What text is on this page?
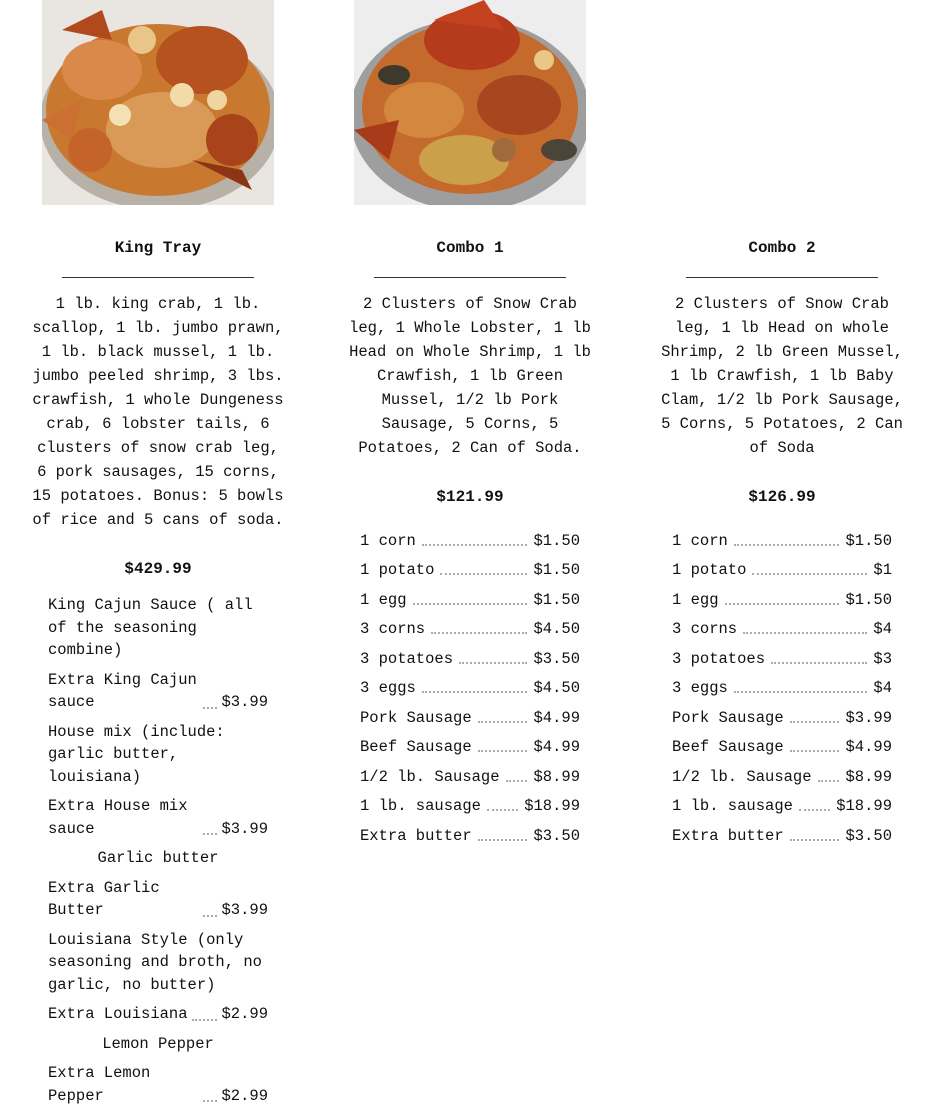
King Tray
1 lb. king crab, 1 lb. scallop, 1 lb. jumbo prawn, 1 lb. black mussel, 1 lb. jumbo peeled shrimp, 3 lbs. crawfish, 1 whole Dungeness crab, 6 lobster tails, 6 clusters of snow crab leg, 6 pork sausages, 15 corns, 15 potatoes. Bonus: 5 bowls of rice and 5 cans of soda.
$429.99
King Cajun Sauce ( all of the seasoning combine)
Extra King Cajun sauce	$3.99
House mix (include: garlic butter, louisiana)
Extra House mix sauce	$3.99
Garlic butter
Extra Garlic Butter	$3.99
Louisiana Style (only seasoning and broth, no garlic, no butter)
Extra Louisiana $2.99
Lemon Pepper
Extra Lemon Pepper	$2.99
Combo 1
2 Clusters of Snow Crab leg, 1 Whole Lobster, 1 lb Head on Whole Shrimp, 1 lb Crawfish, 1 lb Green Mussel, 1/2 lb Pork Sausage, 5 Corns, 5 Potatoes, 2 Can of Soda.
$121.99
1 corn	$1.50
1 potato	$1.50
1 egg	$1.50
3 corns	$4.50
3 potatoes	$3.50
3 eggs	$4.50
Pork Sausage	$4.99
Beef Sausage	$4.99
1/2 lb. Sausage $8.99
1 lb. sausage	$18.99
Extra butter	$3.50
Combo 2
2 Clusters of Snow Crab leg, 1 lb Head on whole Shrimp, 2 lb Green Mussel, 1 lb Crawfish, 1 lb Baby Clam, 1/2 lb Pork Sausage, 5 Corns, 5 Potatoes, 2 Can of Soda
$126.99
1 corn	$1.50
1 potato	$1
1 egg	$1.50
3 corns	$4
3 potatoes	$3
3 eggs	$4
Pork Sausage	$3.99
Beef Sausage	$4.99
1/2 lb. Sausage $8.99
1 lb. sausage	$18.99
Extra butter	$3.50
